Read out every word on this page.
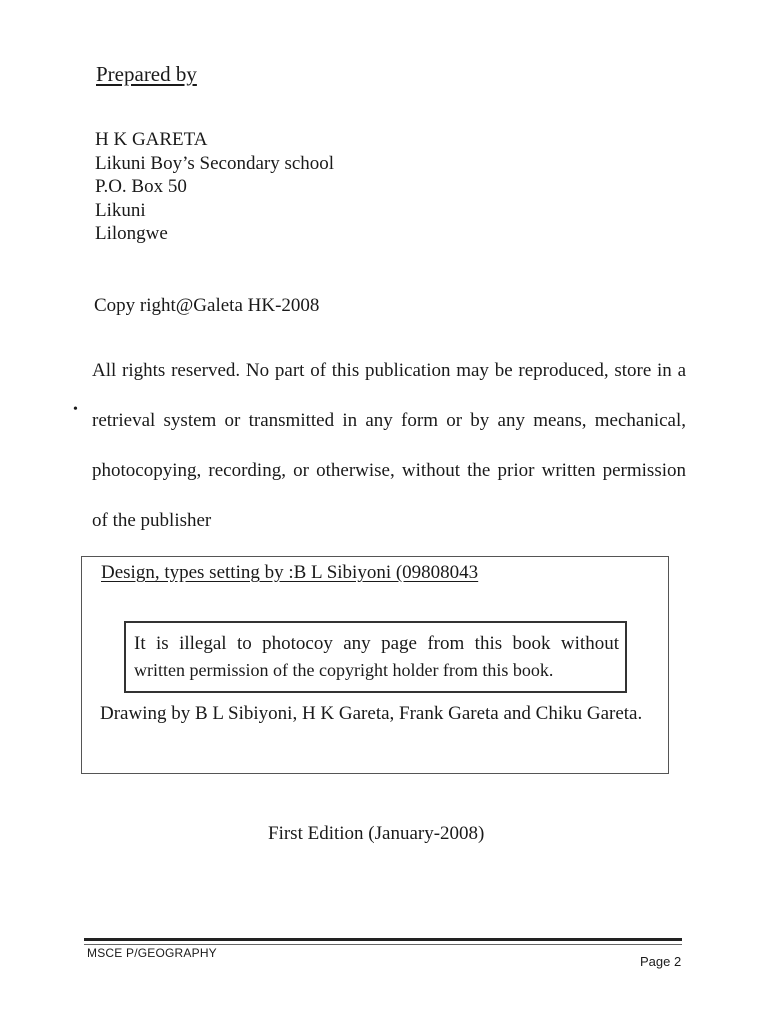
Prepared by
H K GARETA
Likuni Boy’s Secondary school
P.O. Box 50
Likuni
Lilongwe
Copy right@Galeta HK-2008
•
All rights reserved. No part of this publication may be reproduced, store in a retrieval system or transmitted in any form or by any means, mechanical, photocopying, recording, or otherwise, without the prior written permission of the publisher
Design, types setting by :B L Sibiyoni (09808043
It is illegal to photocoy any page from this book without
written permission of the copyright holder from this book.
Drawing by B L Sibiyoni, H K Gareta, Frank Gareta and Chiku Gareta.
First Edition (January-2008)
MSCE P/GEOGRAPHY
Page 2
